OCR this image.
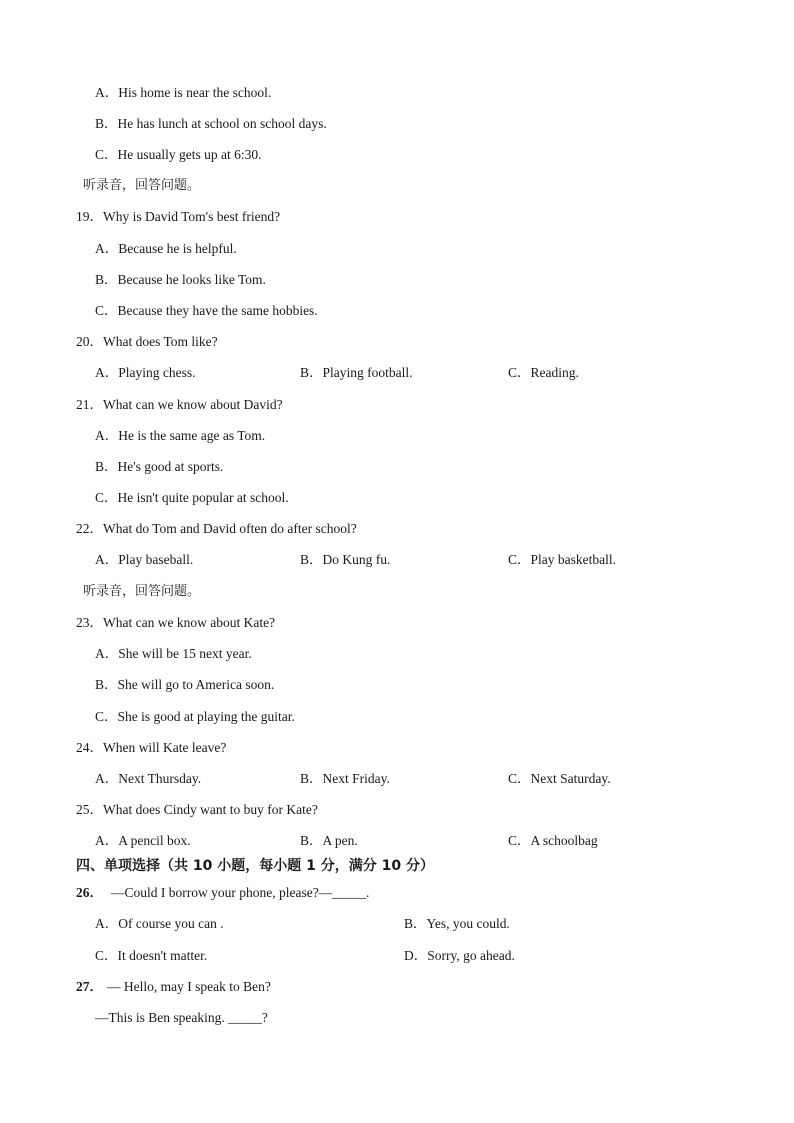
A．His home is near the school.
B．He has lunch at school on school days.
C．He usually gets up at 6:30.
听录音，回答问题。
19．Why is David Tom's best friend?
A．Because he is helpful.
B．Because he looks like Tom.
C．Because they have the same hobbies.
20．What does Tom like?
A．Playing chess.	B．Playing football.	C．Reading.
21．What can we know about David?
A．He is the same age as Tom.
B．He's good at sports.
C．He isn't quite popular at school.
22．What do Tom and David often do after school?
A．Play baseball.	B．Do Kung fu.	C．Play basketball.
听录音，回答问题。
23．What can we know about Kate?
A．She will be 15 next year.
B．She will go to America soon.
C．She is good at playing the guitar.
24．When will Kate leave?
A．Next Thursday.	B．Next Friday.	C．Next Saturday.
25．What does Cindy want to buy for Kate?
A．A pencil box.	B．A pen.	C．A schoolbag
四、单项选择（共 10 小题，每小题 1 分，满分 10 分）
26． —Could I borrow your phone, please?—_____.
A．Of course you can .	B．Yes, you could.
C．It doesn't matter.	D．Sorry, go ahead.
27． — Hello, may I speak to Ben?
—This is Ben speaking. _____?
